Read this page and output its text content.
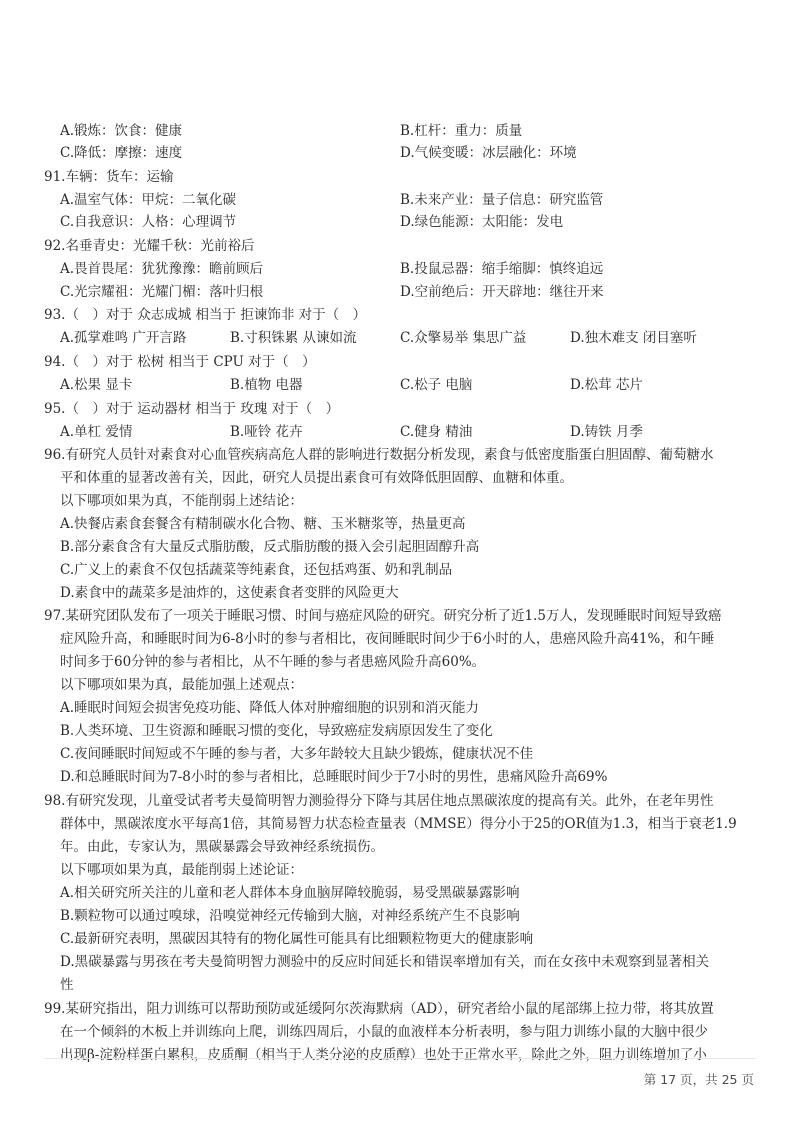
A.锻炼：饮食：健康	B.杠杆：重力：质量
C.降低：摩擦：速度	D.气候变暖：冰层融化：环境
91.车辆：货车：运输
A.温室气体：甲烷：二氧化碳	B.未来产业：量子信息：研究监管
C.自我意识：人格：心理调节	D.绿色能源：太阳能：发电
92.名垂青史：光耀千秋：光前裕后
A.畏首畏尾：犹犹豫豫：瞻前顾后	B.投鼠忌器：缩手缩脚：慎终追远
C.光宗耀祖：光耀门楣：落叶归根	D.空前绝后：开天辟地：继往开来
93.（　）对于 众志成城 相当于 拒谏饰非 对于（　）
A.孤掌难鸣 广开言路	B.寸积铢累 从谏如流	C.众擎易举 集思广益	D.独木难支 闭目塞听
94.（　）对于 松树 相当于 CPU 对于（　）
A.松果 显卡	B.植物 电器	C.松子 电脑	D.松茸 芯片
95.（　）对于 运动器材 相当于 玫瑰 对于（　）
A.单杠 爱情	B.哑铃 花卉	C.健身 精油	D.铸铁 月季
96.有研究人员针对素食对心血管疾病高危人群的影响进行数据分析发现，素食与低密度脂蛋白胆固醇、葡萄糖水
平和体重的显著改善有关，因此，研究人员提出素食可有效降低胆固醇、血糖和体重。
以下哪项如果为真，不能削弱上述结论：
A.快餐店素食套餐含有精制碳水化合物、糖、玉米糖浆等，热量更高
B.部分素食含有大量反式脂肪酸，反式脂肪酸的摄入会引起胆固醇升高
C.广义上的素食不仅包括蔬菜等纯素食，还包括鸡蛋、奶和乳制品
D.素食中的蔬菜多是油炸的，这使素食者变胖的风险更大
97.某研究团队发布了一项关于睡眠习惯、时间与癌症风险的研究。研究分析了近1.5万人，发现睡眠时间短导致癌
症风险升高，和睡眠时间为6-8小时的参与者相比，夜间睡眠时间少于6小时的人，患癌风险升高41%，和午睡
时间多于60分钟的参与者相比，从不午睡的参与者患癌风险升高60%。
以下哪项如果为真，最能加强上述观点：
A.睡眠时间短会损害免疫功能、降低人体对肿瘤细胞的识别和消灭能力
B.人类环境、卫生资源和睡眠习惯的变化，导致癌症发病原因发生了变化
C.夜间睡眠时间短或不午睡的参与者，大多年龄较大且缺少锻炼，健康状况不佳
D.和总睡眠时间为7-8小时的参与者相比，总睡眠时间少于7小时的男性，患痛风险升高69%
98.有研究发现，儿童受试者考夫曼简明智力测验得分下降与其居住地点黑碳浓度的提高有关。此外，在老年男性
群体中，黑碳浓度水平每高1倍，其简易智力状态检查量表（MMSE）得分小于25的OR值为1.3，相当于衰老1.9
年。由此，专家认为，黑碳暴露会导致神经系统损伤。
以下哪项如果为真，最能削弱上述论证：
A.相关研究所关注的儿童和老人群体本身血脑屏障较脆弱，易受黑碳暴露影响
B.颗粒物可以通过嗅球，沿嗅觉神经元传输到大脑，对神经系统产生不良影响
C.最新研究表明，黑碳因其特有的物化属性可能具有比细颗粒物更大的健康影响
D.黑碳暴露与男孩在考夫曼简明智力测验中的反应时间延长和错误率增加有关，而在女孩中未观察到显著相关
性
99.某研究指出，阻力训练可以帮助预防或延缓阿尔茨海默病（AD），研究者给小鼠的尾部绑上拉力带，将其放置
在一个倾斜的木板上并训练向上爬，训练四周后，小鼠的血液样本分析表明，参与阻力训练小鼠的大脑中很少
出现β-淀粉样蛋白累积，皮质酮（相当于人类分泌的皮质醇）也处于正常水平，除此之外，阻力训练增加了小
第 17 页，共 25 页
